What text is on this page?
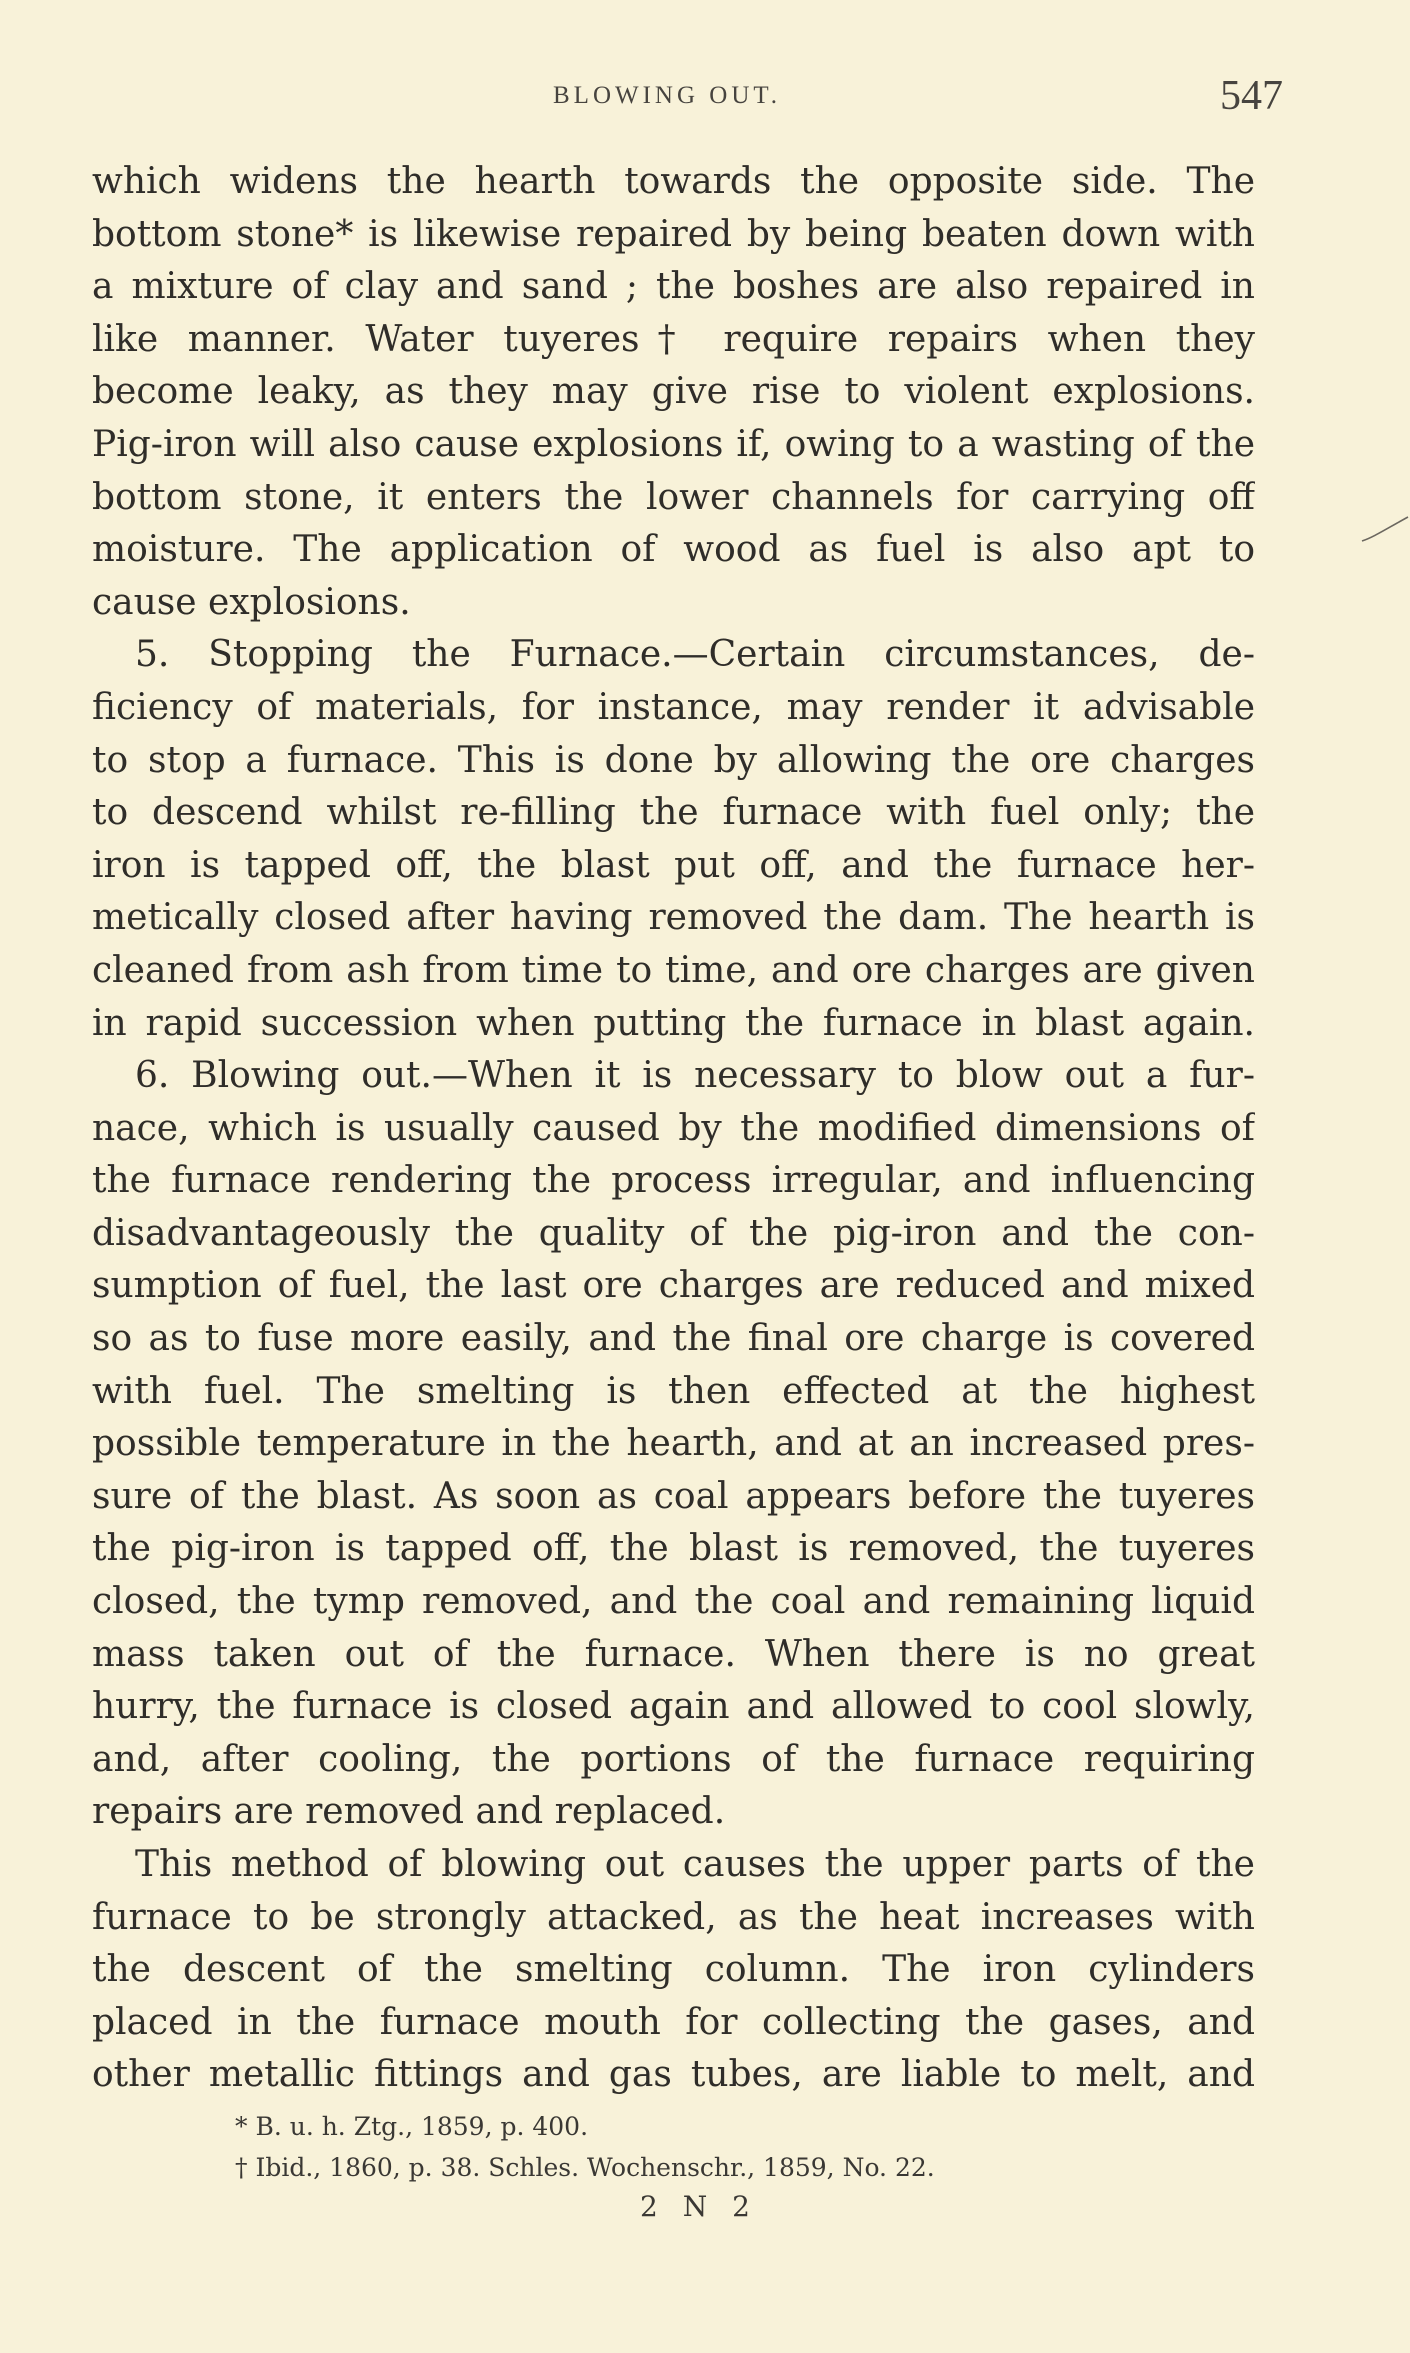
BLOWING OUT.	547
which widens the hearth towards the opposite side. The
bottom stone* is likewise repaired by being beaten down with
a mixture of clay and sand ; the boshes are also repaired in
like manner. Water tuyeres† require repairs when they
become leaky, as they may give rise to violent explosions.
Pig-iron will also cause explosions if, owing to a wasting of the
bottom stone, it enters the lower channels for carrying off
moisture. The application of wood as fuel is also apt to
cause explosions.
5. Stopping the Furnace.—Certain circumstances, de-
ficiency of materials, for instance, may render it advisable
to stop a furnace. This is done by allowing the ore charges
to descend whilst re-filling the furnace with fuel only; the
iron is tapped off, the blast put off, and the furnace her-
metically closed after having removed the dam. The hearth is
cleaned from ash from time to time, and ore charges are given
in rapid succession when putting the furnace in blast again.
6. Blowing out.—When it is necessary to blow out a fur-
nace, which is usually caused by the modified dimensions of
the furnace rendering the process irregular, and influencing
disadvantageously the quality of the pig-iron and the con-
sumption of fuel, the last ore charges are reduced and mixed
so as to fuse more easily, and the final ore charge is covered
with fuel. The smelting is then effected at the highest
possible temperature in the hearth, and at an increased pres-
sure of the blast. As soon as coal appears before the tuyeres
the pig-iron is tapped off, the blast is removed, the tuyeres
closed, the tymp removed, and the coal and remaining liquid
mass taken out of the furnace. When there is no great
hurry, the furnace is closed again and allowed to cool slowly,
and, after cooling, the portions of the furnace requiring
repairs are removed and replaced.
This method of blowing out causes the upper parts of the
furnace to be strongly attacked, as the heat increases with
the descent of the smelting column. The iron cylinders
placed in the furnace mouth for collecting the gases, and
other metallic fittings and gas tubes, are liable to melt, and
* B. u. h. Ztg., 1859, p. 400.
† Ibid., 1860, p. 38. Schles. Wochenschr., 1859, No. 22.
2 N 2
